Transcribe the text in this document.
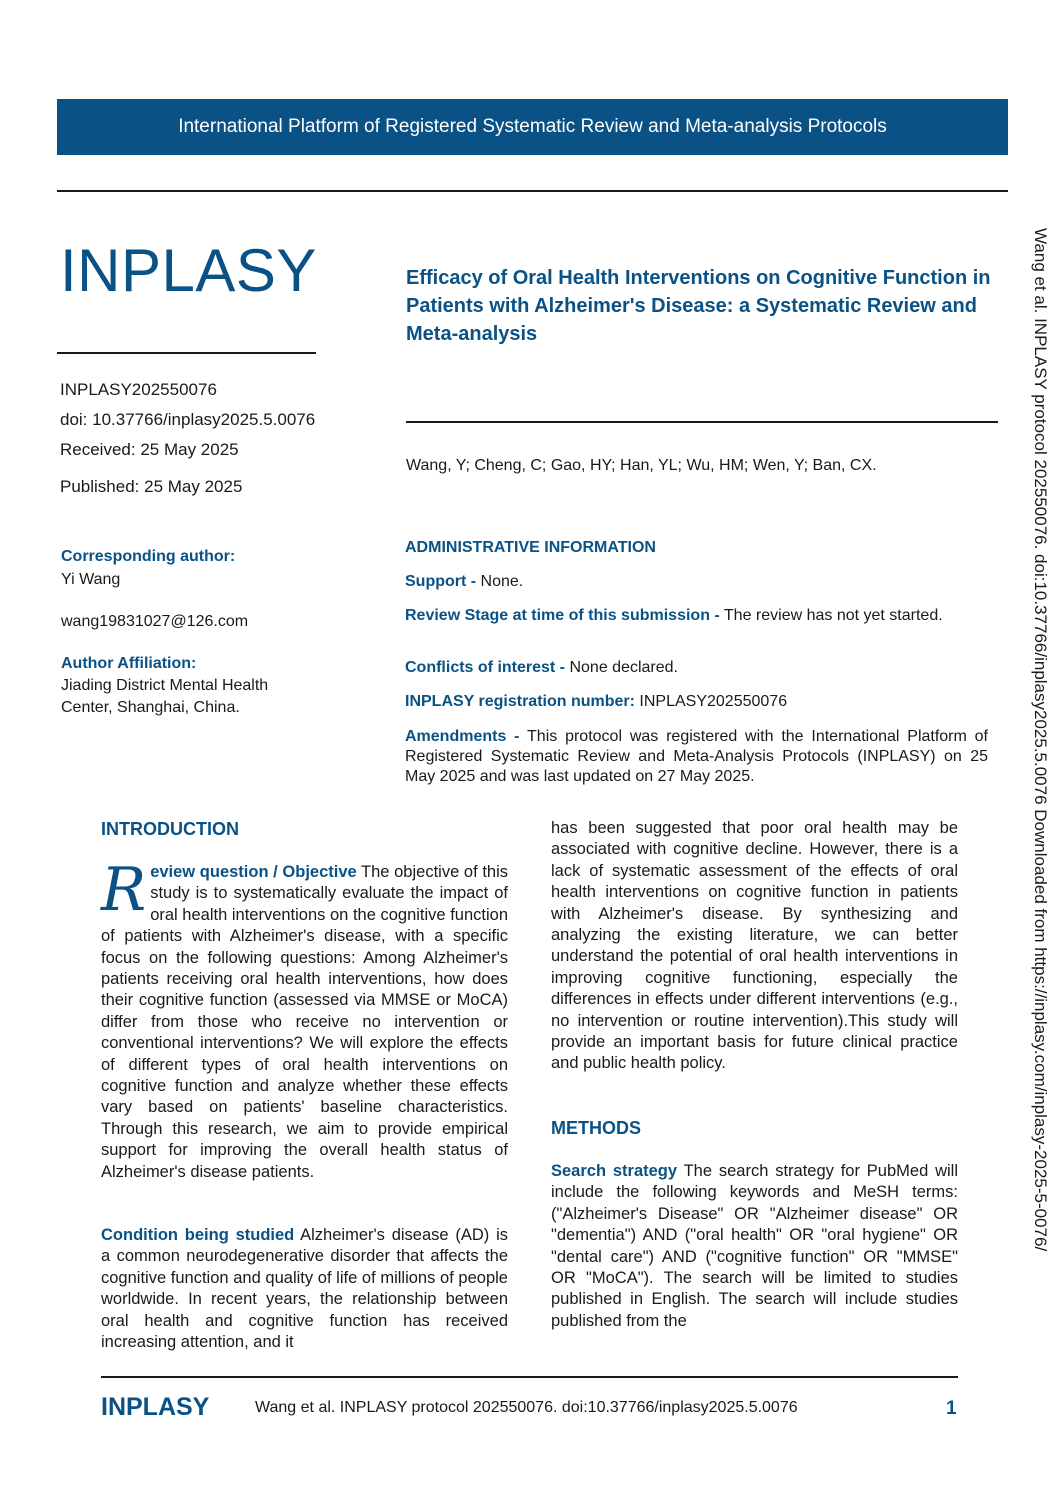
International Platform of Registered Systematic Review and Meta-analysis Protocols
INPLASY	Efficacy of Oral Health Interventions on Cognitive Function in Patients with Alzheimer's Disease: a Systematic Review and Meta-analysis
INPLASY202550076
doi: 10.37766/inplasy2025.5.0076
Received: 25 May 2025
Published: 25 May 2025
Wang, Y; Cheng, C; Gao, HY; Han, YL; Wu, HM; Wen, Y; Ban, CX.
Corresponding author:
Yi Wang
wang19831027@126.com
Author Affiliation:
Jiading District Mental Health Center, Shanghai, China.
ADMINISTRATIVE INFORMATION
Support - None.
Review Stage at time of this submission - The review has not yet started.
Conflicts of interest - None declared.
INPLASY registration number: INPLASY202550076
Amendments - This protocol was registered with the International Platform of Registered Systematic Review and Meta-Analysis Protocols (INPLASY) on 25 May 2025 and was last updated on 27 May 2025.
INTRODUCTION
Review question / Objective The objective of this study is to systematically evaluate the impact of oral health interventions on the cognitive function of patients with Alzheimer's disease, with a specific focus on the following questions: Among Alzheimer's patients receiving oral health interventions, how does their cognitive function (assessed via MMSE or MoCA) differ from those who receive no intervention or conventional interventions? We will explore the effects of different types of oral health interventions on cognitive function and analyze whether these effects vary based on patients' baseline characteristics. Through this research, we aim to provide empirical support for improving the overall health status of Alzheimer's disease patients.
Condition being studied Alzheimer's disease (AD) is a common neurodegenerative disorder that affects the cognitive function and quality of life of millions of people worldwide. In recent years, the relationship between oral health and cognitive function has received increasing attention, and it
has been suggested that poor oral health may be associated with cognitive decline. However, there is a lack of systematic assessment of the effects of oral health interventions on cognitive function in patients with Alzheimer's disease. By synthesizing and analyzing the existing literature, we can better understand the potential of oral health interventions in improving cognitive functioning, especially the differences in effects under different interventions (e.g., no intervention or routine intervention).This study will provide an important basis for future clinical practice and public health policy.
METHODS
Search strategy The search strategy for PubMed will include the following keywords and MeSH terms: ("Alzheimer's Disease" OR "Alzheimer disease" OR "dementia") AND ("oral health" OR "oral hygiene" OR "dental care") AND ("cognitive function" OR "MMSE" OR "MoCA"). The search will be limited to studies published in English. The search will include studies published from the
Wang et al. INPLASY protocol 202550076. doi:10.37766/inplasy2025.5.0076 Downloaded from https://inplasy.com/inplasy-2025-5-0076/
INPLASY	Wang et al. INPLASY protocol 202550076. doi:10.37766/inplasy2025.5.0076	1
